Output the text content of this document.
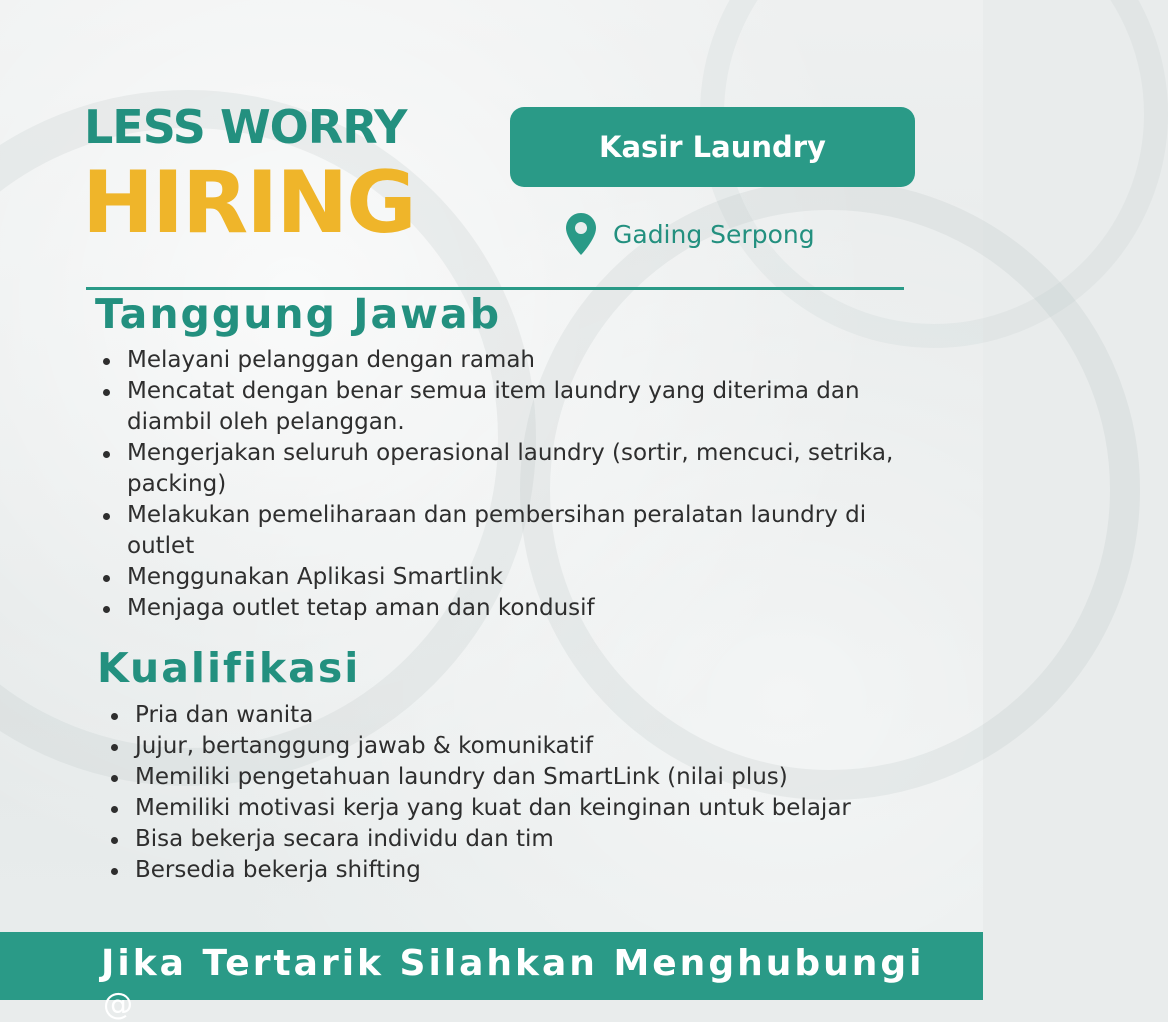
LESS WORRY
HIRING
Kasir Laundry
Gading Serpong
Tanggung Jawab
Melayani pelanggan dengan ramah
Mencatat dengan benar semua item laundry yang diterima dan diambil oleh pelanggan.
Mengerjakan seluruh operasional laundry (sortir, mencuci, setrika, packing)
Melakukan pemeliharaan dan pembersihan peralatan laundry di outlet
Menggunakan Aplikasi Smartlink
Menjaga outlet tetap aman dan kondusif
Kualifikasi
Pria dan wanita
Jujur, bertanggung jawab & komunikatif
Memiliki pengetahuan laundry dan SmartLink (nilai plus)
Memiliki motivasi kerja yang kuat dan keinginan untuk belajar
Bisa bekerja secara individu dan tim
Bersedia bekerja shifting
Jika Tertarik Silahkan Menghubungi
@
